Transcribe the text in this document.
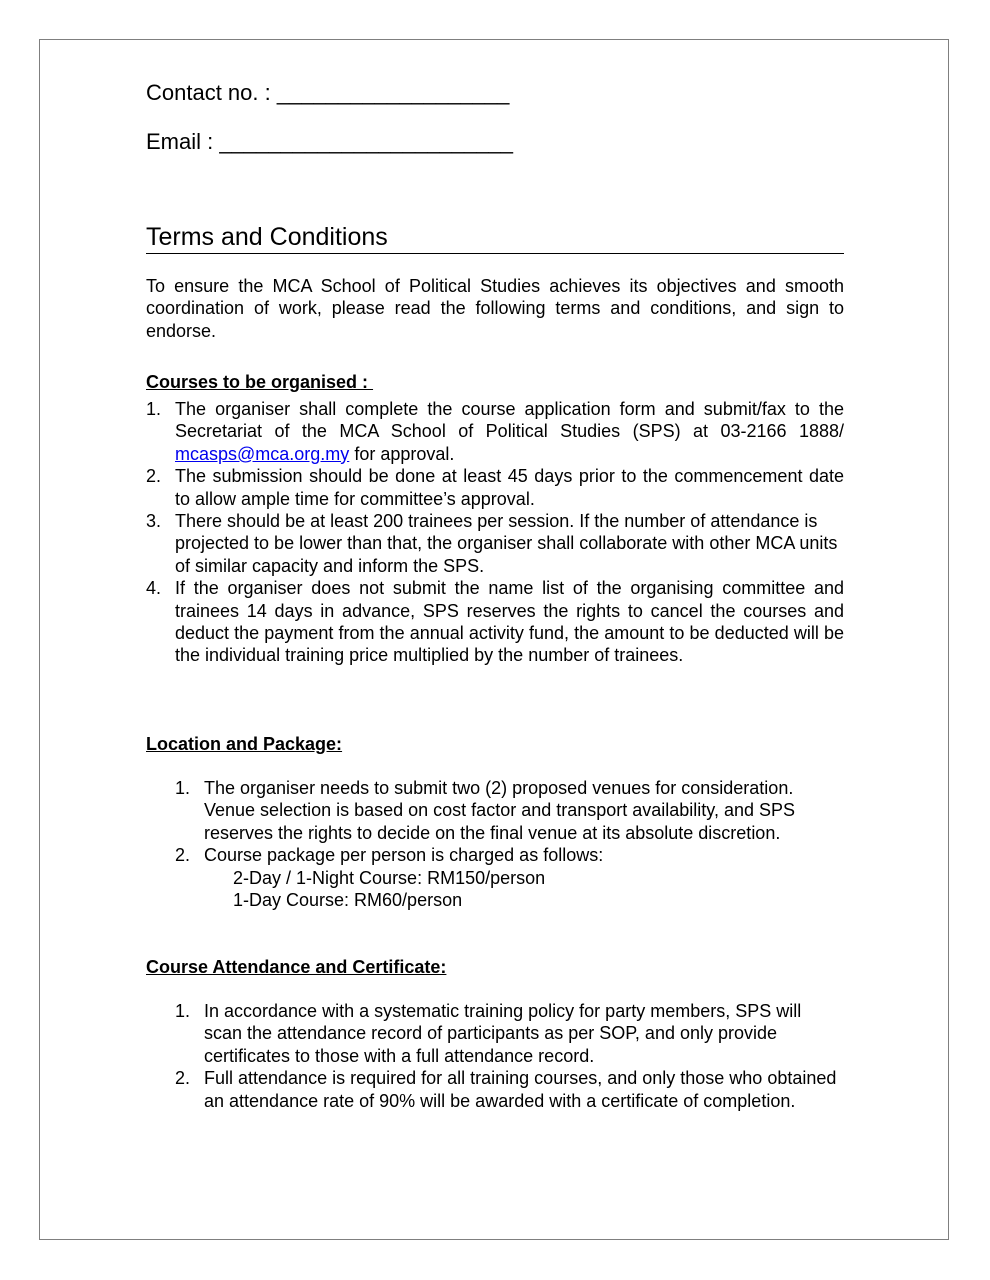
Contact no. : ___________________
Email : ________________________
Terms and Conditions
To ensure the MCA School of Political Studies achieves its objectives and smooth coordination of work, please read the following terms and conditions, and sign to endorse.
Courses to be organised :
1. The organiser shall complete the course application form and submit/fax to the Secretariat of the MCA School of Political Studies (SPS) at 03-2166 1888/ mcasps@mca.org.my for approval.
2. The submission should be done at least 45 days prior to the commencement date to allow ample time for committee’s approval.
3. There should be at least 200 trainees per session. If the number of attendance is projected to be lower than that, the organiser shall collaborate with other MCA units of similar capacity and inform the SPS.
4. If the organiser does not submit the name list of the organising committee and trainees 14 days in advance, SPS reserves the rights to cancel the courses and deduct the payment from the annual activity fund, the amount to be deducted will be the individual training price multiplied by the number of trainees.
Location and Package:
1. The organiser needs to submit two (2) proposed venues for consideration. Venue selection is based on cost factor and transport availability, and SPS reserves the rights to decide on the final venue at its absolute discretion.
2. Course package per person is charged as follows:
2-Day / 1-Night Course: RM150/person
1-Day Course: RM60/person
Course Attendance and Certificate:
1. In accordance with a systematic training policy for party members, SPS will scan the attendance record of participants as per SOP, and only provide certificates to those with a full attendance record.
2. Full attendance is required for all training courses, and only those who obtained an attendance rate of 90% will be awarded with a certificate of completion.
